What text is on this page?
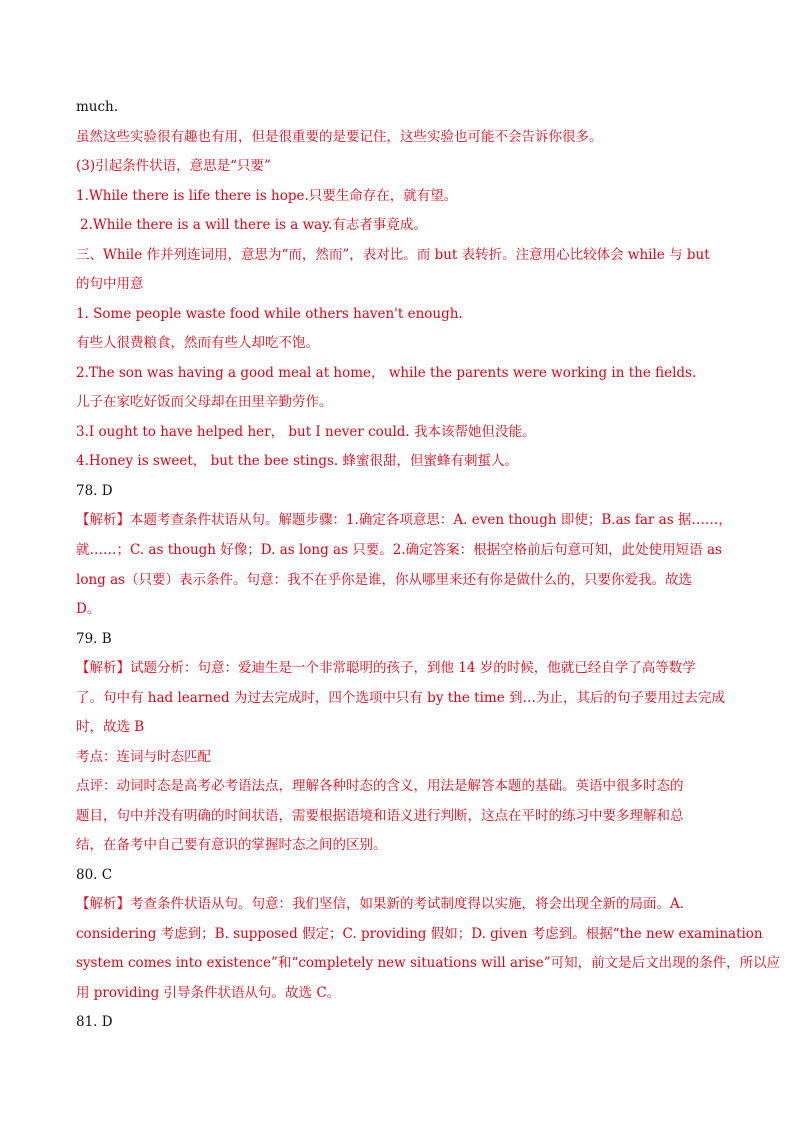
much.
虽然这些实验很有趣也有用，但是很重要的是要记住，这些实验也可能不会告诉你很多。
(3)引起条件状语，意思是“只要”
1.While there is life there is hope.只要生命存在，就有望。
2.While there is a will there is a way.有志者事竟成。
三、While 作并列连词用，意思为“而，然而”，表对比。而 but 表转折。注意用心比较体会 while 与 but
的句中用意
1. Some people waste food while others haven't enough.
有些人很费粮食，然而有些人却吃不饱。
2.The son was having a good meal at home， while the parents were working in the fields.
儿子在家吃好饭而父母却在田里辛勤劳作。
3.I ought to have helped her， but I never could. 我本该帮她但没能。
4.Honey is sweet， but the bee stings. 蜂蜜很甜，但蜜蜂有刺蜇人。
78. D
【解析】本题考查条件状语从句。解题步骤：1.确定各项意思：A. even though 即使；B.as far as 据……，
就……；C. as though 好像；D. as long as 只要。2.确定答案：根据空格前后句意可知，此处使用短语 as
long as（只要）表示条件。句意：我不在乎你是谁，你从哪里来还有你是做什么的，只要你爱我。故选
D。
79. B
【解析】试题分析：句意：爱迪生是一个非常聪明的孩子，到他 14 岁的时候，他就已经自学了高等数学
了。句中有 had learned 为过去完成时，四个选项中只有 by the time 到…为止，其后的句子要用过去完成
时，故选 B
考点：连词与时态匹配
点评：动词时态是高考必考语法点，理解各种时态的含义，用法是解答本题的基础。英语中很多时态的
题目，句中并没有明确的时间状语，需要根据语境和语义进行判断，这点在平时的练习中要多理解和总
结，在备考中自己要有意识的掌握时态之间的区别。
80. C
【解析】考查条件状语从句。句意：我们坚信，如果新的考试制度得以实施，将会出现全新的局面。A.
considering 考虑到；B. supposed 假定；C. providing 假如；D. given 考虑到。根据“the new examination
system comes into existence”和“completely new situations will arise”可知，前文是后文出现的条件，所以应
用 providing 引导条件状语从句。故选 C。
81. D
